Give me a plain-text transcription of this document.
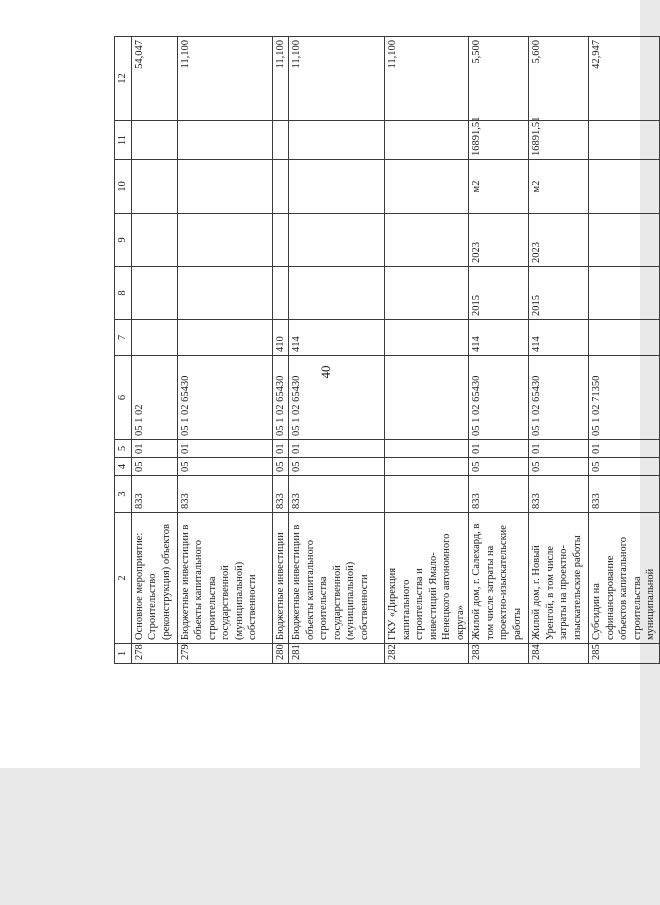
40
1	2	3	4	5	6	7	8	9	10	11	12
278	Основное мероприятие: Строительство (реконструкция) объектов	833	05	01	05 1 02						54,047
279	Бюджетные инвестиции в объекты капитального строительства государственной (муниципальной) собственности	833	05	01	05 1 02 65430						11,100
280	Бюджетные инвестиции	833	05	01	05 1 02 65430	410					11,100
281	Бюджетные инвестиции в объекты капитального строительства государственной (муниципальной) собственности	833	05	01	05 1 02 65430	414					11,100
282	ГКУ «Дирекция капитального строительства и инвестиций Ямало-Ненецкого автономного округа»										11,100
283	Жилой дом, г. Салехард, в том числе затраты на проектно-изыскательские работы	833	05	01	05 1 02 65430	414	2015	2023	м2	16891,51	5,500
284	Жилой дом, г. Новый Уренгой, в том числе затраты на проектно-изыскательские работы	833	05	01	05 1 02 65430	414	2015	2023	м2	16891,51	5,600
285	Субсидии на софинансирование объектов капитального строительства муниципальной	833	05	01	05 1 02 71350						42,947
